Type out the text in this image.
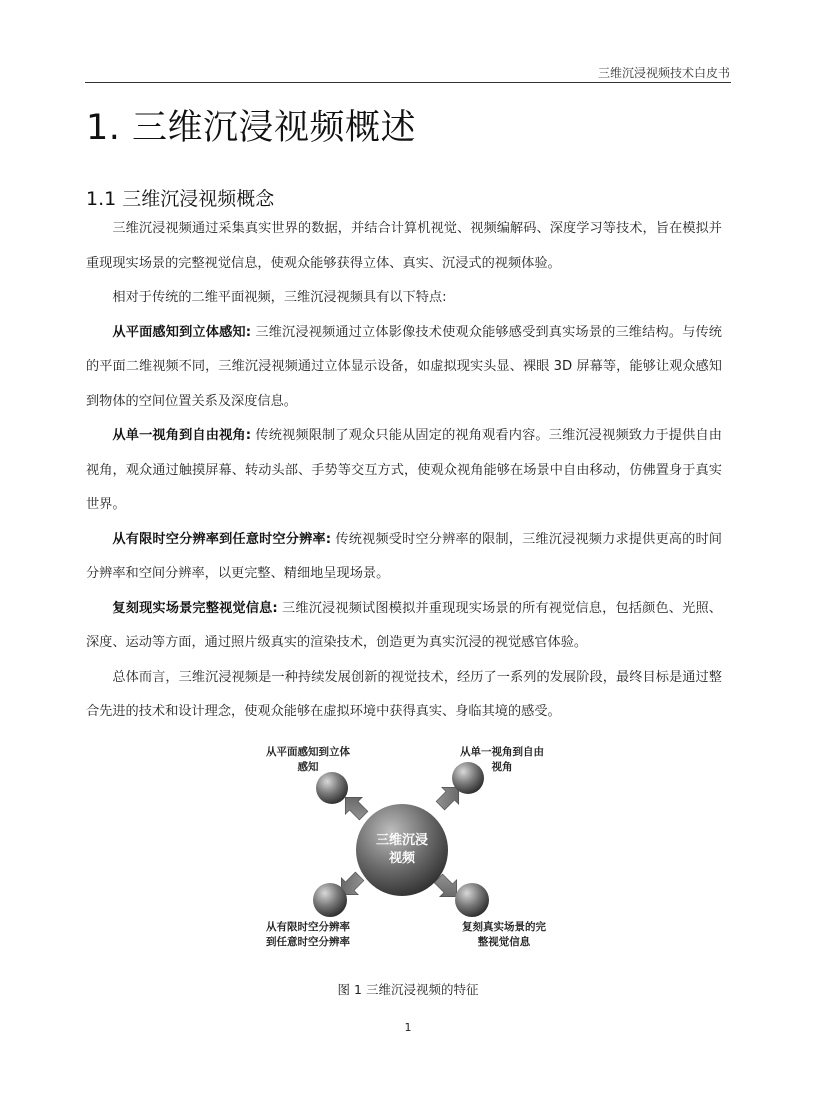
三维沉浸视频技术白皮书
1. 三维沉浸视频概述
1.1 三维沉浸视频概念

三维沉浸视频通过采集真实世界的数据，并结合计算机视觉、视频编解码、深度学习等技术，旨在模拟并重现现实场景的完整视觉信息，使观众能够获得立体、真实、沉浸式的视频体验。

相对于传统的二维平面视频，三维沉浸视频具有以下特点:

从平面感知到立体感知: 三维沉浸视频通过立体影像技术使观众能够感受到真实场景的三维结构。与传统的平面二维视频不同，三维沉浸视频通过立体显示设备，如虚拟现实头显、裸眼 3D 屏幕等，能够让观众感知到物体的空间位置关系及深度信息。

从单一视角到自由视角: 传统视频限制了观众只能从固定的视角观看内容。三维沉浸视频致力于提供自由视角，观众通过触摸屏幕、转动头部、手势等交互方式，使观众视角能够在场景中自由移动，仿佛置身于真实世界。

从有限时空分辨率到任意时空分辨率: 传统视频受时空分辨率的限制，三维沉浸视频力求提供更高的时间分辨率和空间分辨率，以更完整、精细地呈现场景。

复刻现实场景完整视觉信息: 三维沉浸视频试图模拟并重现现实场景的所有视觉信息，包括颜色、光照、深度、运动等方面，通过照片级真实的渲染技术，创造更为真实沉浸的视觉感官体验。

总体而言，三维沉浸视频是一种持续发展创新的视觉技术，经历了一系列的发展阶段，最终目标是通过整合先进的技术和设计理念，使观众能够在虚拟环境中获得真实、身临其境的感受。

三维沉浸
视频
从平面感知到立体感知
从单一视角到自由视角
从有限时空分辨率到任意时空分辨率
复刻真实场景的完整视觉信息
图 1 三维沉浸视频的特征
1
